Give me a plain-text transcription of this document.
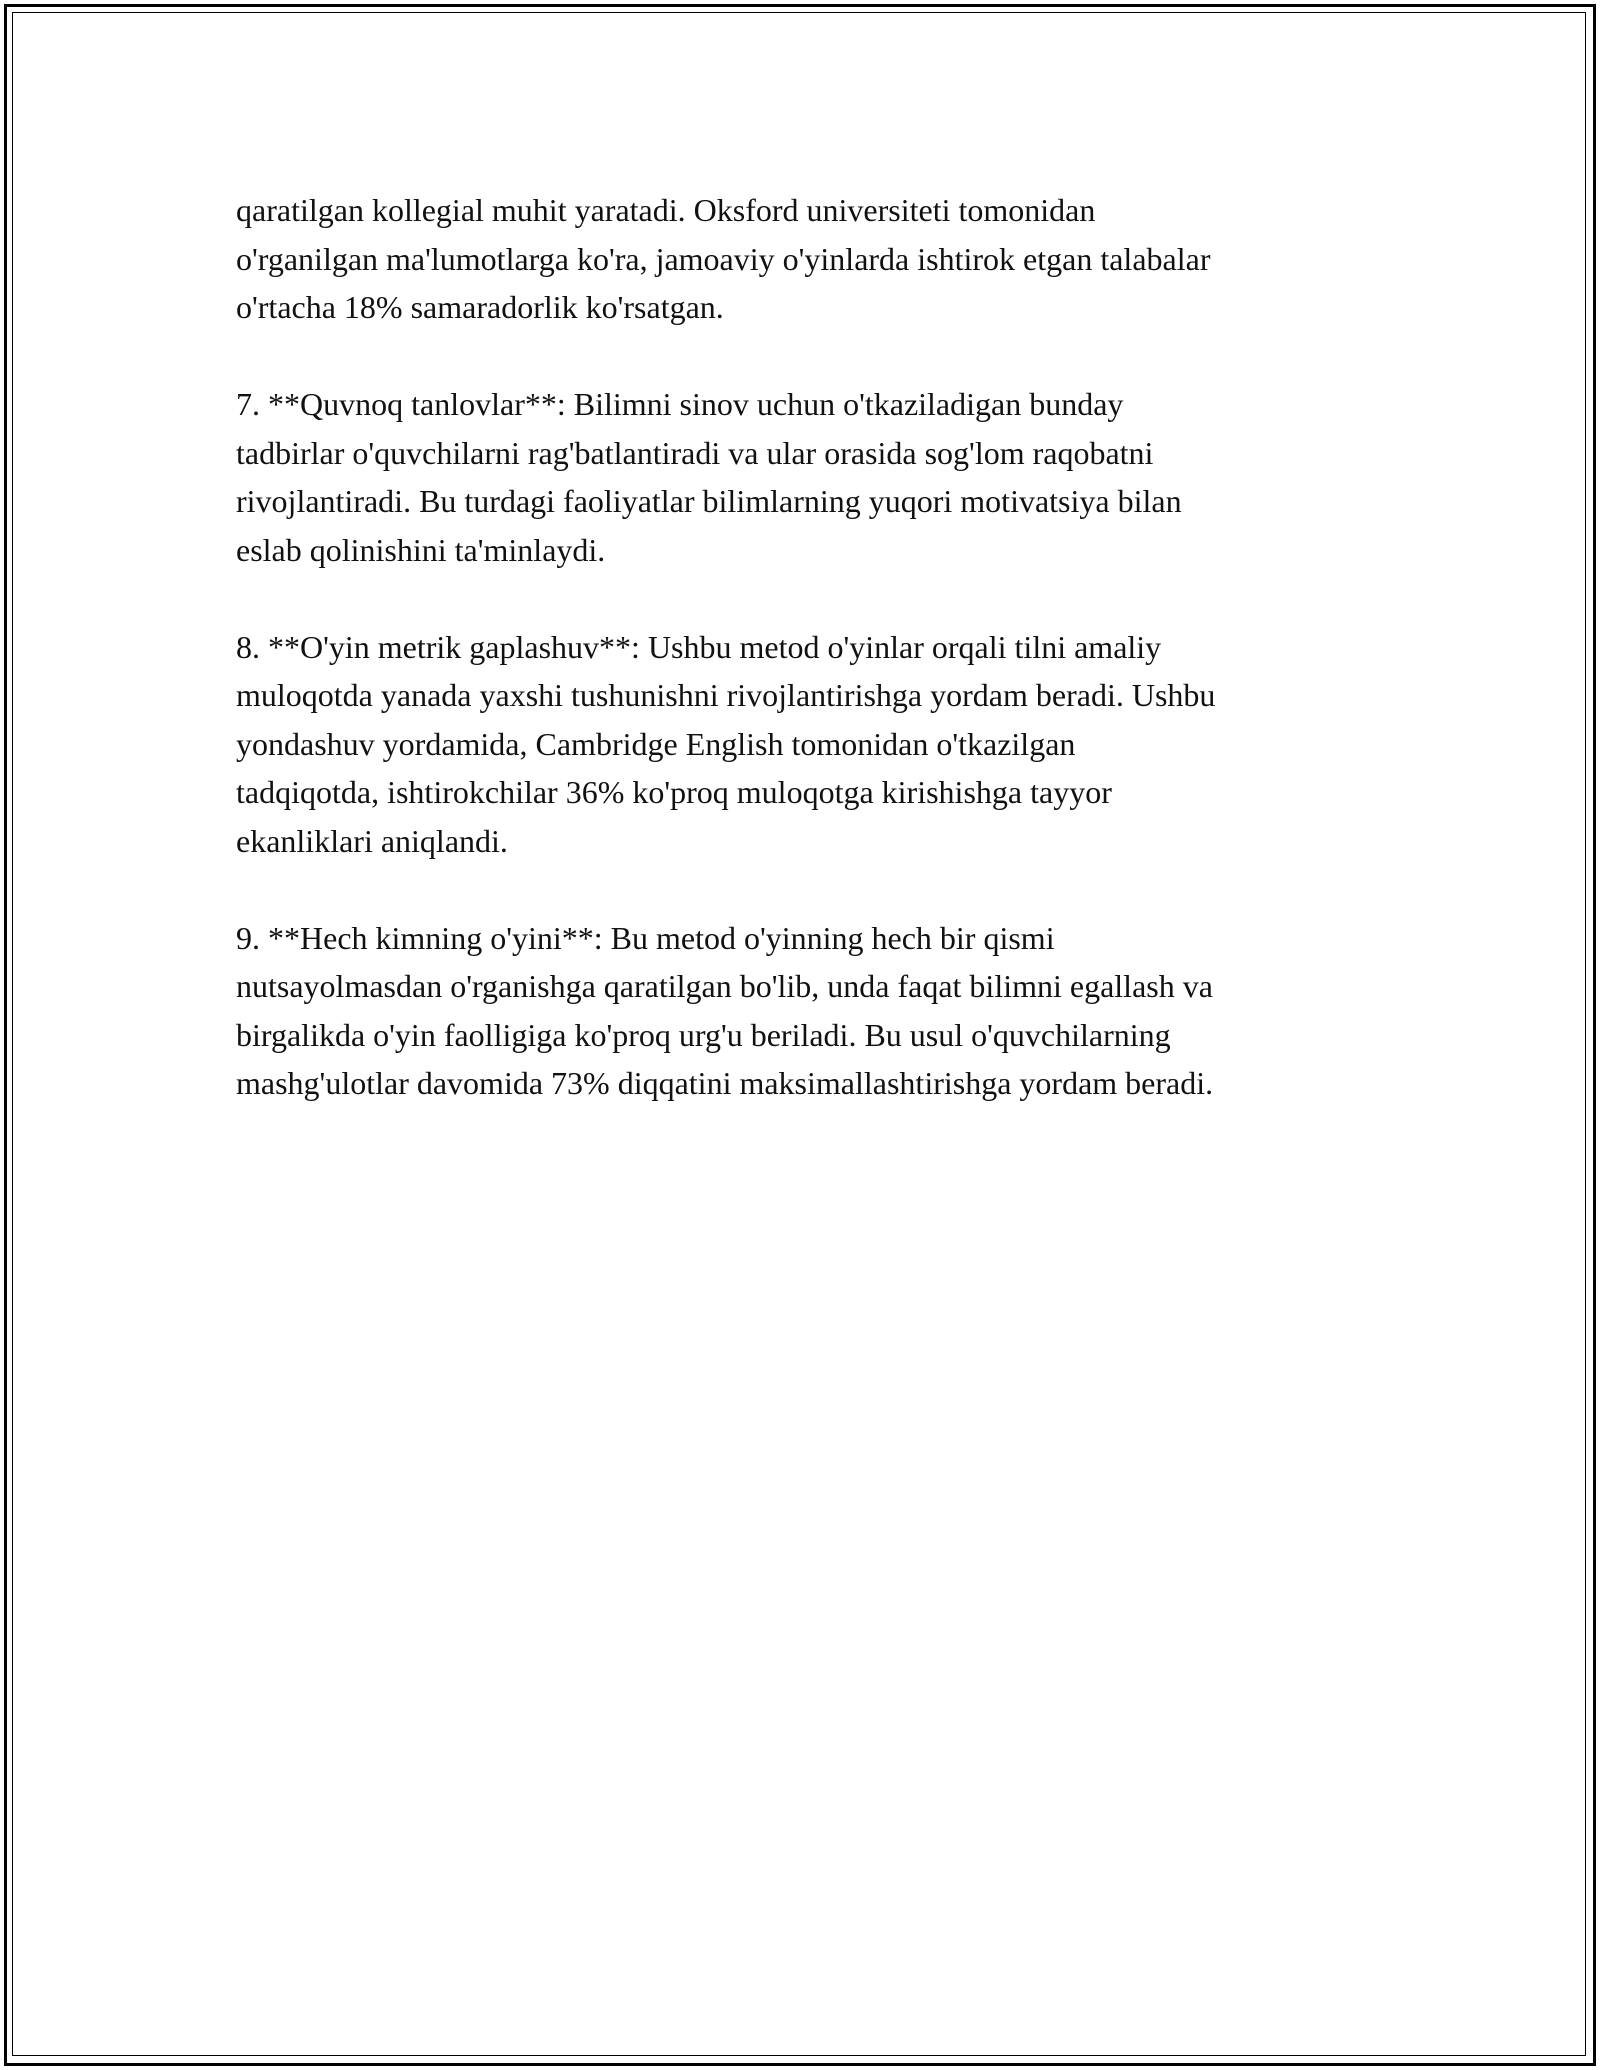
qaratilgan kollegial muhit yaratadi. Oksford universiteti tomonidan
o'rganilgan ma'lumotlarga ko'ra, jamoaviy o'yinlarda ishtirok etgan talabalar
o'rtacha 18% samaradorlik ko'rsatgan.

7. **Quvnoq tanlovlar**: Bilimni sinov uchun o'tkaziladigan bunday
tadbirlar o'quvchilarni rag'batlantiradi va ular orasida sog'lom raqobatni
rivojlantiradi. Bu turdagi faoliyatlar bilimlarning yuqori motivatsiya bilan
eslab qolinishini ta'minlaydi.

8. **O'yin metrik gaplashuv**: Ushbu metod o'yinlar orqali tilni amaliy
muloqotda yanada yaxshi tushunishni rivojlantirishga yordam beradi. Ushbu
yondashuv yordamida, Cambridge English tomonidan o'tkazilgan
tadqiqotda, ishtirokchilar 36% ko'proq muloqotga kirishishga tayyor
ekanliklari aniqlandi.

9. **Hech kimning o'yini**: Bu metod o'yinning hech bir qismi
nutsayolmasdan o'rganishga qaratilgan bo'lib, unda faqat bilimni egallash va
birgalikda o'yin faolligiga ko'proq urg'u beriladi. Bu usul o'quvchilarning
mashg'ulotlar davomida 73% diqqatini maksimallashtirishga yordam beradi.
